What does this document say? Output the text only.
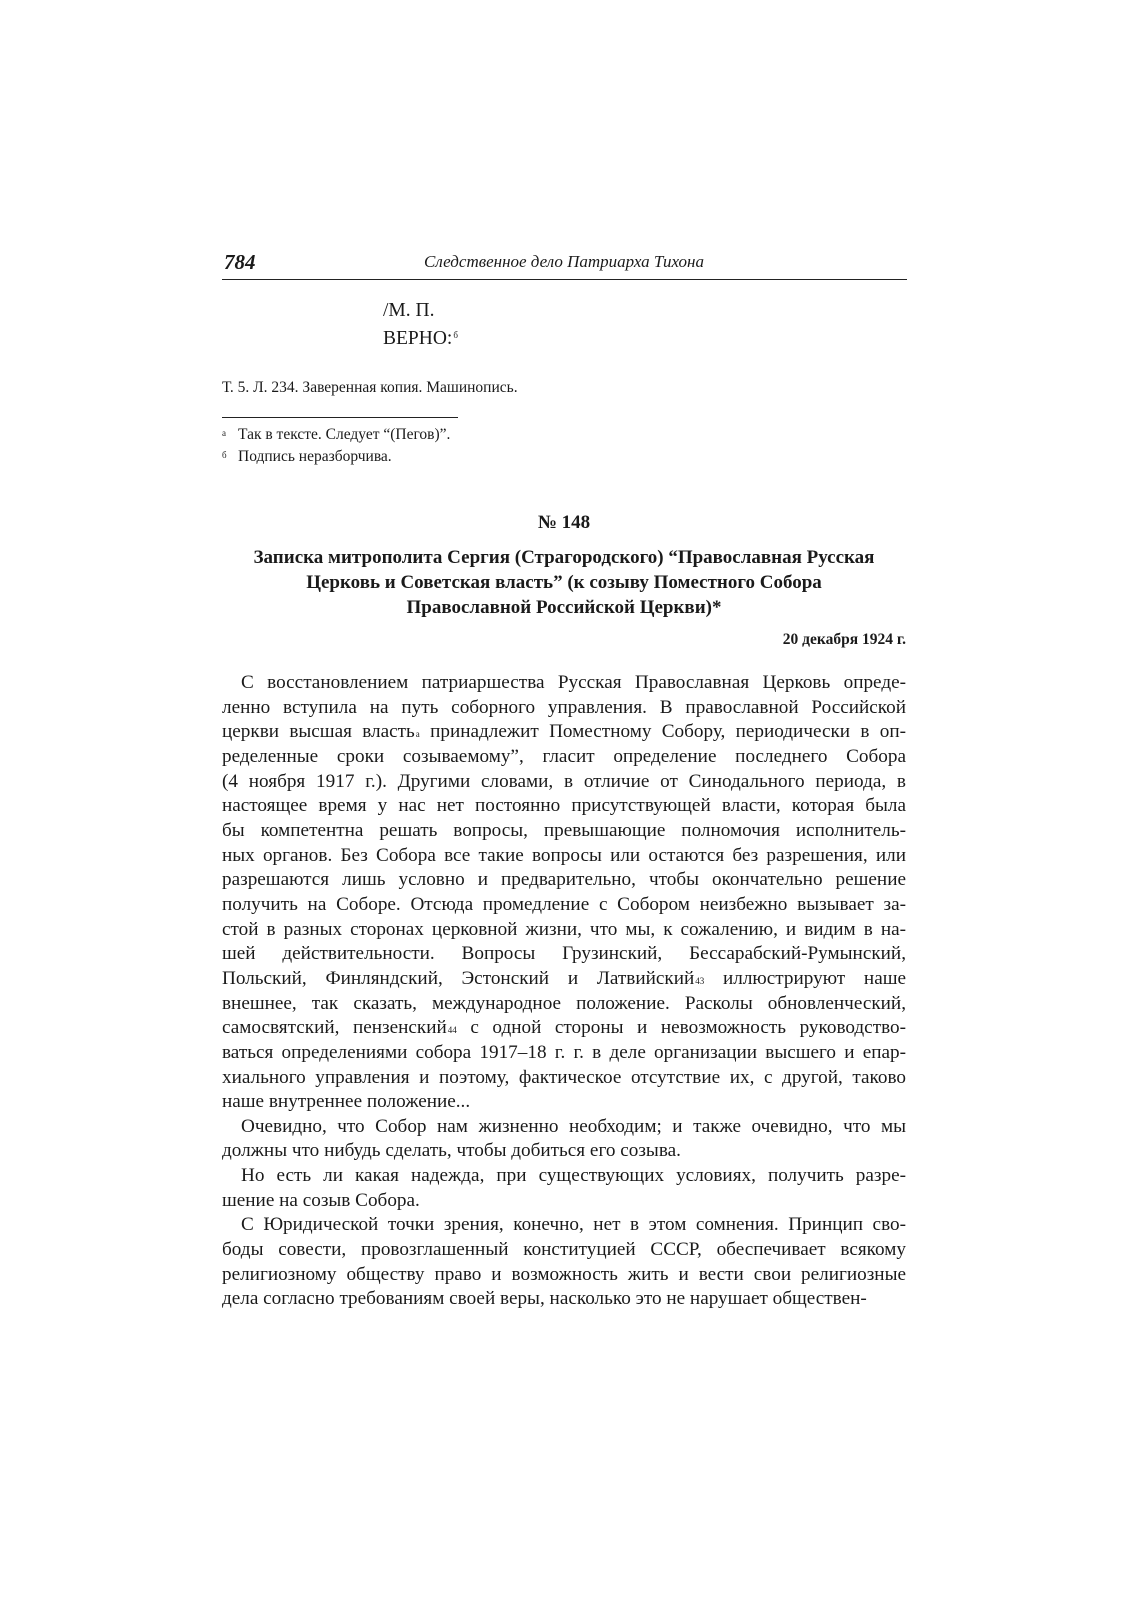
784	Следственное дело Патриарха Тихона
/М. П.
ВЕРНО:$^б$
Т. 5. Л. 234. Заверенная копия. Машинопись.
а Так в тексте. Следует “(Пегов)”.
б Подпись неразборчива.
№ 148
Записка митрополита Сергия (Страгородского) “Православная Русская
Церковь и Советская власть” (к созыву Поместного Собора
Православной Российской Церкви)*
20 декабря 1924 г.
С восстановлением патриаршества Русская Православная Церковь опреде-
ленно вступила на путь соборного управления. В православной Российской
церкви высшая власть$^а$ принадлежит Поместному Собору, периодически в оп-
ределенные сроки созываемому”, гласит определение последнего Собора
(4 ноября 1917 г.). Другими словами, в отличие от Синодального периода, в
настоящее время у нас нет постоянно присутствующей власти, которая была
бы компетентна решать вопросы, превышающие полномочия исполнитель-
ных органов. Без Собора все такие вопросы или остаются без разрешения, или
разрешаются лишь условно и предварительно, чтобы окончательно решение
получить на Соборе. Отсюда промедление с Собором неизбежно вызывает за-
стой в разных сторонах церковной жизни, что мы, к сожалению, и видим в на-
шей действительности. Вопросы Грузинский, Бессарабский-Румынский,
Польский, Финляндский, Эстонский и Латвийский$^{43}$ иллюстрируют наше
внешнее, так сказать, международное положение. Расколы обновленческий,
самосвятский, пензенский$^{44}$ с одной стороны и невозможность руководство-
ваться определениями собора 1917–18 г. г. в деле организации высшего и епар-
хиального управления и поэтому, фактическое отсутствие их, с другой, таково
наше внутреннее положение...
Очевидно, что Собор нам жизненно необходим; и также очевидно, что мы
должны что нибудь сделать, чтобы добиться его созыва.
Но есть ли какая надежда, при существующих условиях, получить разре-
шение на созыв Собора.
С Юридической точки зрения, конечно, нет в этом сомнения. Принцип сво-
боды совести, провозглашенный конституцией СССР, обеспечивает всякому
религиозному обществу право и возможность жить и вести свои религиозные
дела согласно требованиям своей веры, насколько это не нарушает обществен-
